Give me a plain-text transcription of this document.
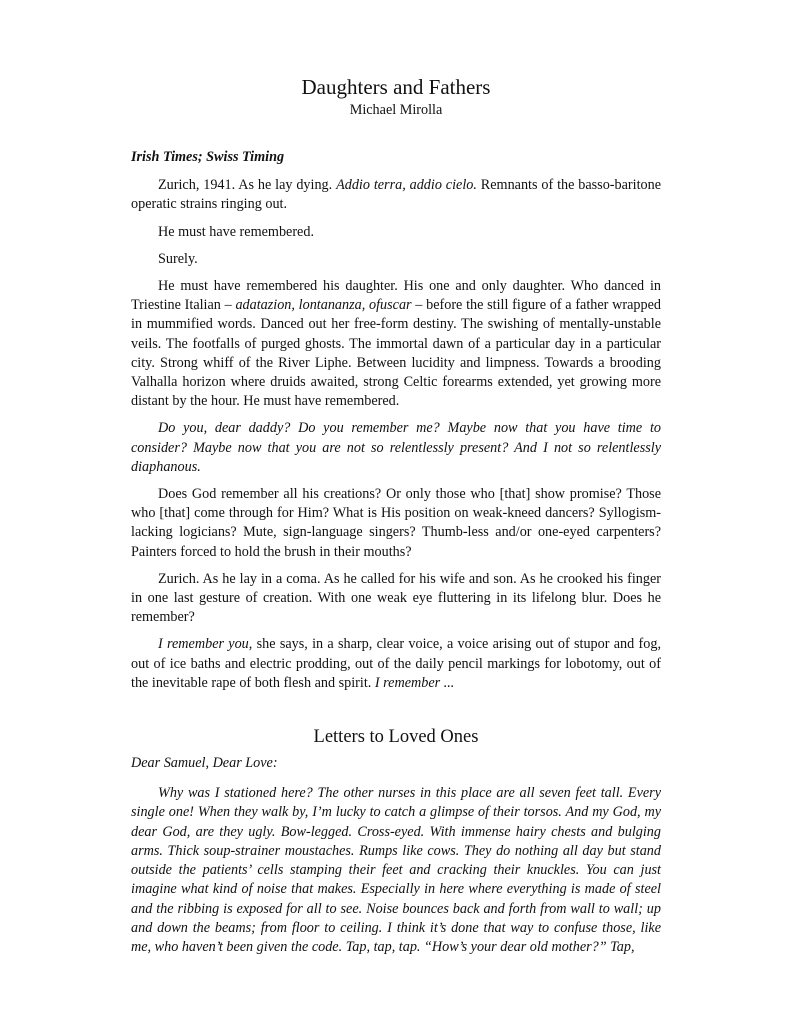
Daughters and Fathers
Michael Mirolla
Irish Times; Swiss Timing

Zurich, 1941. As he lay dying. Addio terra, addio cielo. Remnants of the basso-baritone operatic strains ringing out.

He must have remembered.

Surely.

He must have remembered his daughter. His one and only daughter. Who danced in Triestine Italian – adatazion, lontananza, ofuscar – before the still figure of a father wrapped in mummified words. Danced out her free-form destiny. The swishing of mentally-unstable veils. The footfalls of purged ghosts. The immortal dawn of a particular day in a particular city. Strong whiff of the River Liphe. Between lucidity and limpness. Towards a brooding Valhalla horizon where druids awaited, strong Celtic forearms extended, yet growing more distant by the hour. He must have remembered.

Do you, dear daddy? Do you remember me? Maybe now that you have time to consider? Maybe now that you are not so relentlessly present? And I not so relentlessly diaphanous.

Does God remember all his creations? Or only those who [that] show promise? Those who [that] come through for Him? What is His position on weak-kneed dancers? Syllogism-lacking logicians? Mute, sign-language singers? Thumb-less and/or one-eyed carpenters? Painters forced to hold the brush in their mouths?

Zurich. As he lay in a coma. As he called for his wife and son. As he crooked his finger in one last gesture of creation. With one weak eye fluttering in its lifelong blur. Does he remember?

I remember you, she says, in a sharp, clear voice, a voice arising out of stupor and fog, out of ice baths and electric prodding, out of the daily pencil markings for lobotomy, out of the inevitable rape of both flesh and spirit. I remember ...

Letters to Loved Ones

Dear Samuel, Dear Love:

Why was I stationed here? The other nurses in this place are all seven feet tall. Every single one! When they walk by, I’m lucky to catch a glimpse of their torsos. And my God, my dear God, are they ugly. Bow-legged. Cross-eyed. With immense hairy chests and bulging arms. Thick soup-strainer moustaches. Rumps like cows. They do nothing all day but stand outside the patients’ cells stamping their feet and cracking their knuckles. You can just imagine what kind of noise that makes. Especially in here where everything is made of steel and the ribbing is exposed for all to see. Noise bounces back and forth from wall to wall; up and down the beams; from floor to ceiling. I think it’s done that way to confuse those, like me, who haven’t been given the code. Tap, tap, tap. “How’s your dear old mother?” Tap,
